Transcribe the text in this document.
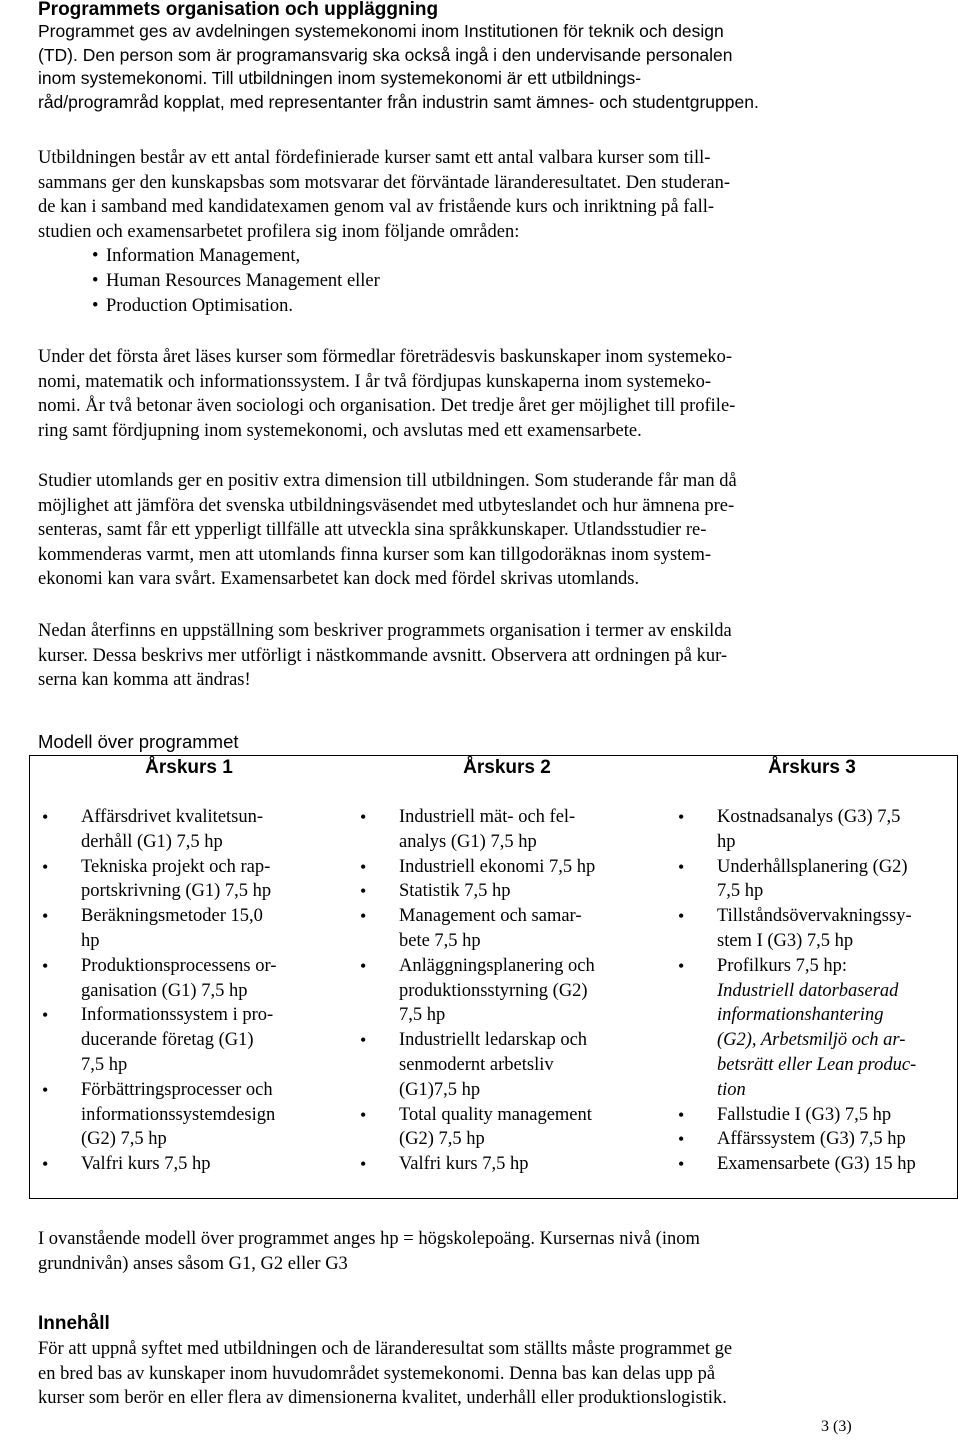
Programmets organisation och uppläggning
Programmet ges av avdelningen systemekonomi inom Institutionen för teknik och design
(TD). Den person som är programansvarig ska också ingå i den undervisande personalen
inom systemekonomi. Till utbildningen inom systemekonomi är ett utbildnings-
råd/programråd kopplat, med representanter från industrin samt ämnes- och studentgruppen.
Utbildningen består av ett antal fördefinierade kurser samt ett antal valbara kurser som till-
sammans ger den kunskapsbas som motsvarar det förväntade läranderesultatet. Den studeran-
de kan i samband med kandidatexamen genom val av fristående kurs och inriktning på fall-
studien och examensarbetet profilera sig inom följande områden:
• Information Management,
• Human Resources Management eller
• Production Optimisation.
Under det första året läses kurser som förmedlar företrädesvis baskunskaper inom systemeko-
nomi, matematik och informationssystem. I år två fördjupas kunskaperna inom systemeko-
nomi. År två betonar även sociologi och organisation. Det tredje året ger möjlighet till profile-
ring samt fördjupning inom systemekonomi, och avslutas med ett examensarbete.
Studier utomlands ger en positiv extra dimension till utbildningen. Som studerande får man då
möjlighet att jämföra det svenska utbildningsväsendet med utbyteslandet och hur ämnena pre-
senteras, samt får ett ypperligt tillfälle att utveckla sina språkkunskaper. Utlandsstudier re-
kommenderas varmt, men att utomlands finna kurser som kan tillgodoräknas inom system-
ekonomi kan vara svårt. Examensarbetet kan dock med fördel skrivas utomlands.
Nedan återfinns en uppställning som beskriver programmets organisation i termer av enskilda
kurser. Dessa beskrivs mer utförligt i nästkommande avsnitt. Observera att ordningen på kur-
serna kan komma att ändras!
Modell över programmet
Årskurs 1
• Affärsdrivet kvalitetsun-
derhåll (G1) 7,5 hp
• Tekniska projekt och rap-
portskrivning (G1) 7,5 hp
• Beräkningsmetoder 15,0
hp
• Produktionsprocessens or-
ganisation (G1) 7,5 hp
• Informationssystem i pro-
ducerande företag (G1)
7,5 hp
• Förbättringsprocesser och
informationssystemdesign
(G2) 7,5 hp
• Valfri kurs 7,5 hp
Årskurs 2
• Industriell mät- och fel-
analys (G1) 7,5 hp
• Industriell ekonomi 7,5 hp
• Statistik 7,5 hp
• Management och samar-
bete 7,5 hp
• Anläggningsplanering och
produktionsstyrning (G2)
7,5 hp
• Industriellt ledarskap och
senmodernt arbetsliv
(G1)7,5 hp
• Total quality management
(G2) 7,5 hp
• Valfri kurs 7,5 hp
Årskurs 3
• Kostnadsanalys (G3) 7,5
hp
• Underhållsplanering (G2)
7,5 hp
• Tillståndsövervakningssy-
stem I (G3) 7,5 hp
• Profilkurs 7,5 hp:
Industriell datorbaserad
informationshantering
(G2), Arbetsmiljö och ar-
betsrätt eller Lean produc-
tion
• Fallstudie I (G3) 7,5 hp
• Affärssystem (G3) 7,5 hp
• Examensarbete (G3) 15 hp
I ovanstående modell över programmet anges hp = högskolepoäng. Kursernas nivå (inom
grundnivån) anses såsom G1, G2 eller G3
Innehåll
För att uppnå syftet med utbildningen och de läranderesultat som ställts måste programmet ge
en bred bas av kunskaper inom huvudområdet systemekonomi. Denna bas kan delas upp på
kurser som berör en eller flera av dimensionerna kvalitet, underhåll eller produktionslogistik.
3 (3)
